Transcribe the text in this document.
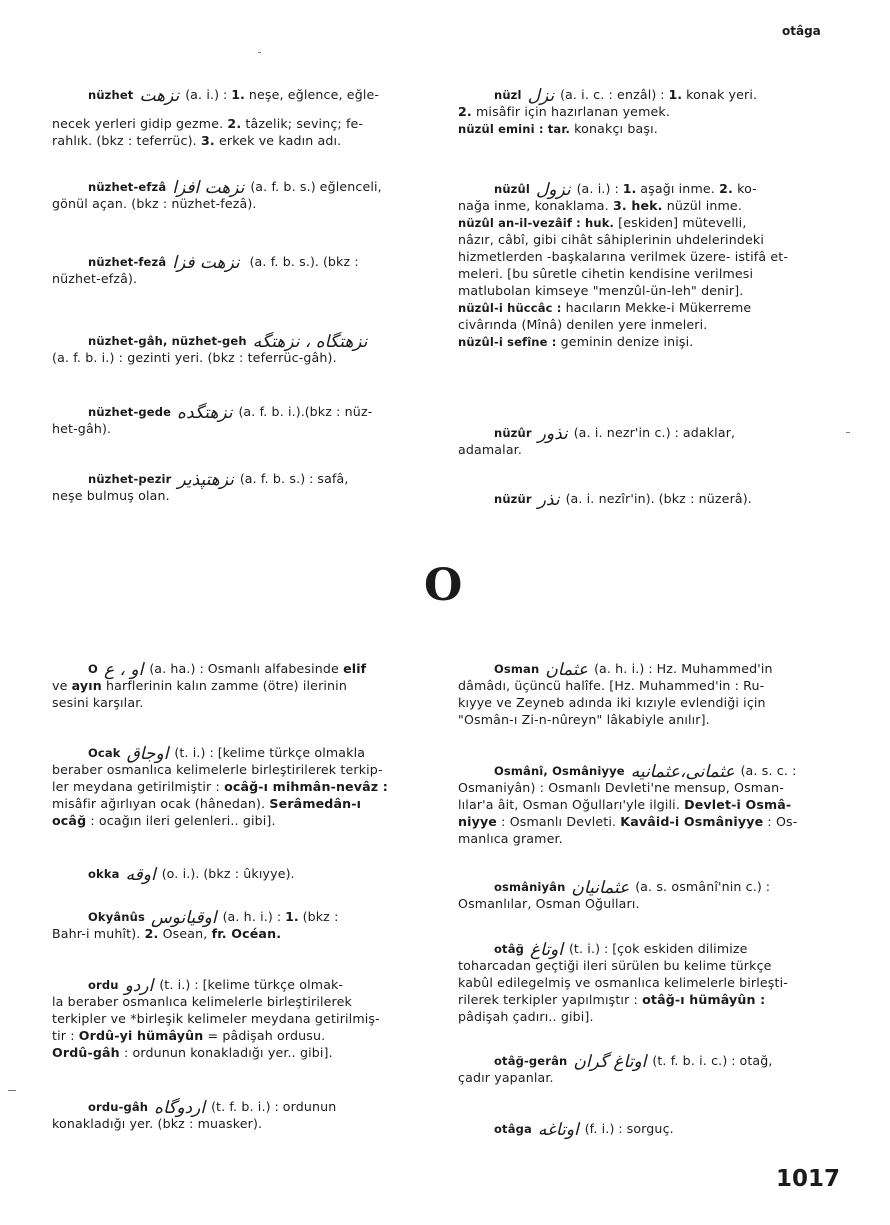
otâga
nüzhet نزهت (a. i.) : 1. neşe, eğlence, eğle-
necek yerleri gidip gezme. 2. tâzelik; sevinç; fe-
rahlık. (bkz : teferrüc). 3. erkek ve kadın adı.
nüzhet-efzâ نزهت افزا (a. f. b. s.) eğlenceli,
gönül açan. (bkz : nüzhet-fezâ).
nüzhet-fezâ نزهت فزا (a. f. b. s.). (bkz :
nüzhet-efzâ).
nüzhet-gâh, nüzhet-geh نزهتگاه ، نزهتگه
(a. f. b. i.) : gezinti yeri. (bkz : teferrüc-gâh).
nüzhet-gede نزهتگده (a. f. b. i.).(bkz : nüz-
het-gâh).
nüzhet-pezir نزهتپذیر (a. f. b. s.) : safâ,
neşe bulmuş olan.
O او ، ع (a. ha.) : Osmanlı alfabesinde elif
ve ayın harflerinin kalın zamme (ötre) ilerinin
sesini karşılar.
Ocak اوجاق (t. i.) : [kelime türkçe olmakla
beraber osmanlıca kelimelerle birleştirilerek terkip-
ler meydana getirilmiştir : ocâğ-ı mihmân-nevâz :
misâfir ağırlıyan ocak (hânedan). Serâmedân-ı
ocâğ : ocağın ileri gelenleri.. gibi].
okka اوقه (o. i.). (bkz : ûkıyye).
Okyânûs اوقیانوس (a. h. i.) : 1. (bkz :
Bahr-i muhît). 2. Osean, fr. Océan.
ordu اردو (t. i.) : [kelime türkçe olmak-
la beraber osmanlıca kelimelerle birleştirilerek
terkipler ve *birleşik kelimeler meydana getirilmiş-
tir : Ordû-yi hümâyûn = pâdişah ordusu.
Ordû-gâh : ordunun konakladığı yer.. gibi].
ordu-gâh اردوگاه (t. f. b. i.) : ordunun
konakladığı yer. (bkz : muasker).
nüzl نزل (a. i. c. : enzâl) : 1. konak yeri.
2. misâfir için hazırlanan yemek.
nüzül emini : tar. konakçı başı.
nüzûl نزول (a. i.) : 1. aşağı inme. 2. ko-
nağa inme, konaklama. 3. hek. nüzül inme.
nüzûl an-il-vezâif : huk. [eskiden] mütevelli,
nâzır, câbî, gibi cihât sâhiplerinin uhdelerindeki
hizmetlerden -başkalarına verilmek üzere- istifâ et-
meleri. [bu sûretle cihetin kendisine verilmesi
matlubolan kimseye "menzûl-ün-leh" denir].
nüzûl-i hüccâc : hacıların Mekke-i Mükerreme
civârında (Mînâ) denilen yere inmeleri.
nüzûl-i sefîne : geminin denize inişi.
nüzûr نذور (a. i. nezr'in c.) : adaklar,
adamalar.
nüzür نذر (a. i. nezîr'in). (bkz : nüzerâ).
Osman عثمان (a. h. i.) : Hz. Muhammed'in
dâmâdı, üçüncü halîfe. [Hz. Muhammed'in : Ru-
kıyye ve Zeyneb adında iki kızıyle evlendiği için
"Osmân-ı Zi-n-nûreyn" lâkabiyle anılır].
Osmânî, Osmâniyye عثمانی،عثمانیه (a. s. c. :
Osmaniyân) : Osmanlı Devleti'ne mensup, Osman-
lılar'a âit, Osman Oğulları'yle ilgili. Devlet-i Osmâ-
niyye : Osmanlı Devleti. Kavâid-i Osmâniyye : Os-
manlıca gramer.
osmâniyân عثمانیان (a. s. osmânî'nin c.) :
Osmanlılar, Osman Oğulları.
otâğ اوتاغ (t. i.) : [çok eskiden dilimize
toharcadan geçtiği ileri sürülen bu kelime türkçe
kabûl edilegelmiş ve osmanlıca kelimelerle birleşti-
rilerek terkipler yapılmıştır : otâğ-ı hümâyûn :
pâdişah çadırı.. gibi].
otâğ-gerân اوتاغ گران (t. f. b. i. c.) : otağ,
çadır yapanlar.
otâga اوتاغه (f. i.) : sorguç.
O
1017
